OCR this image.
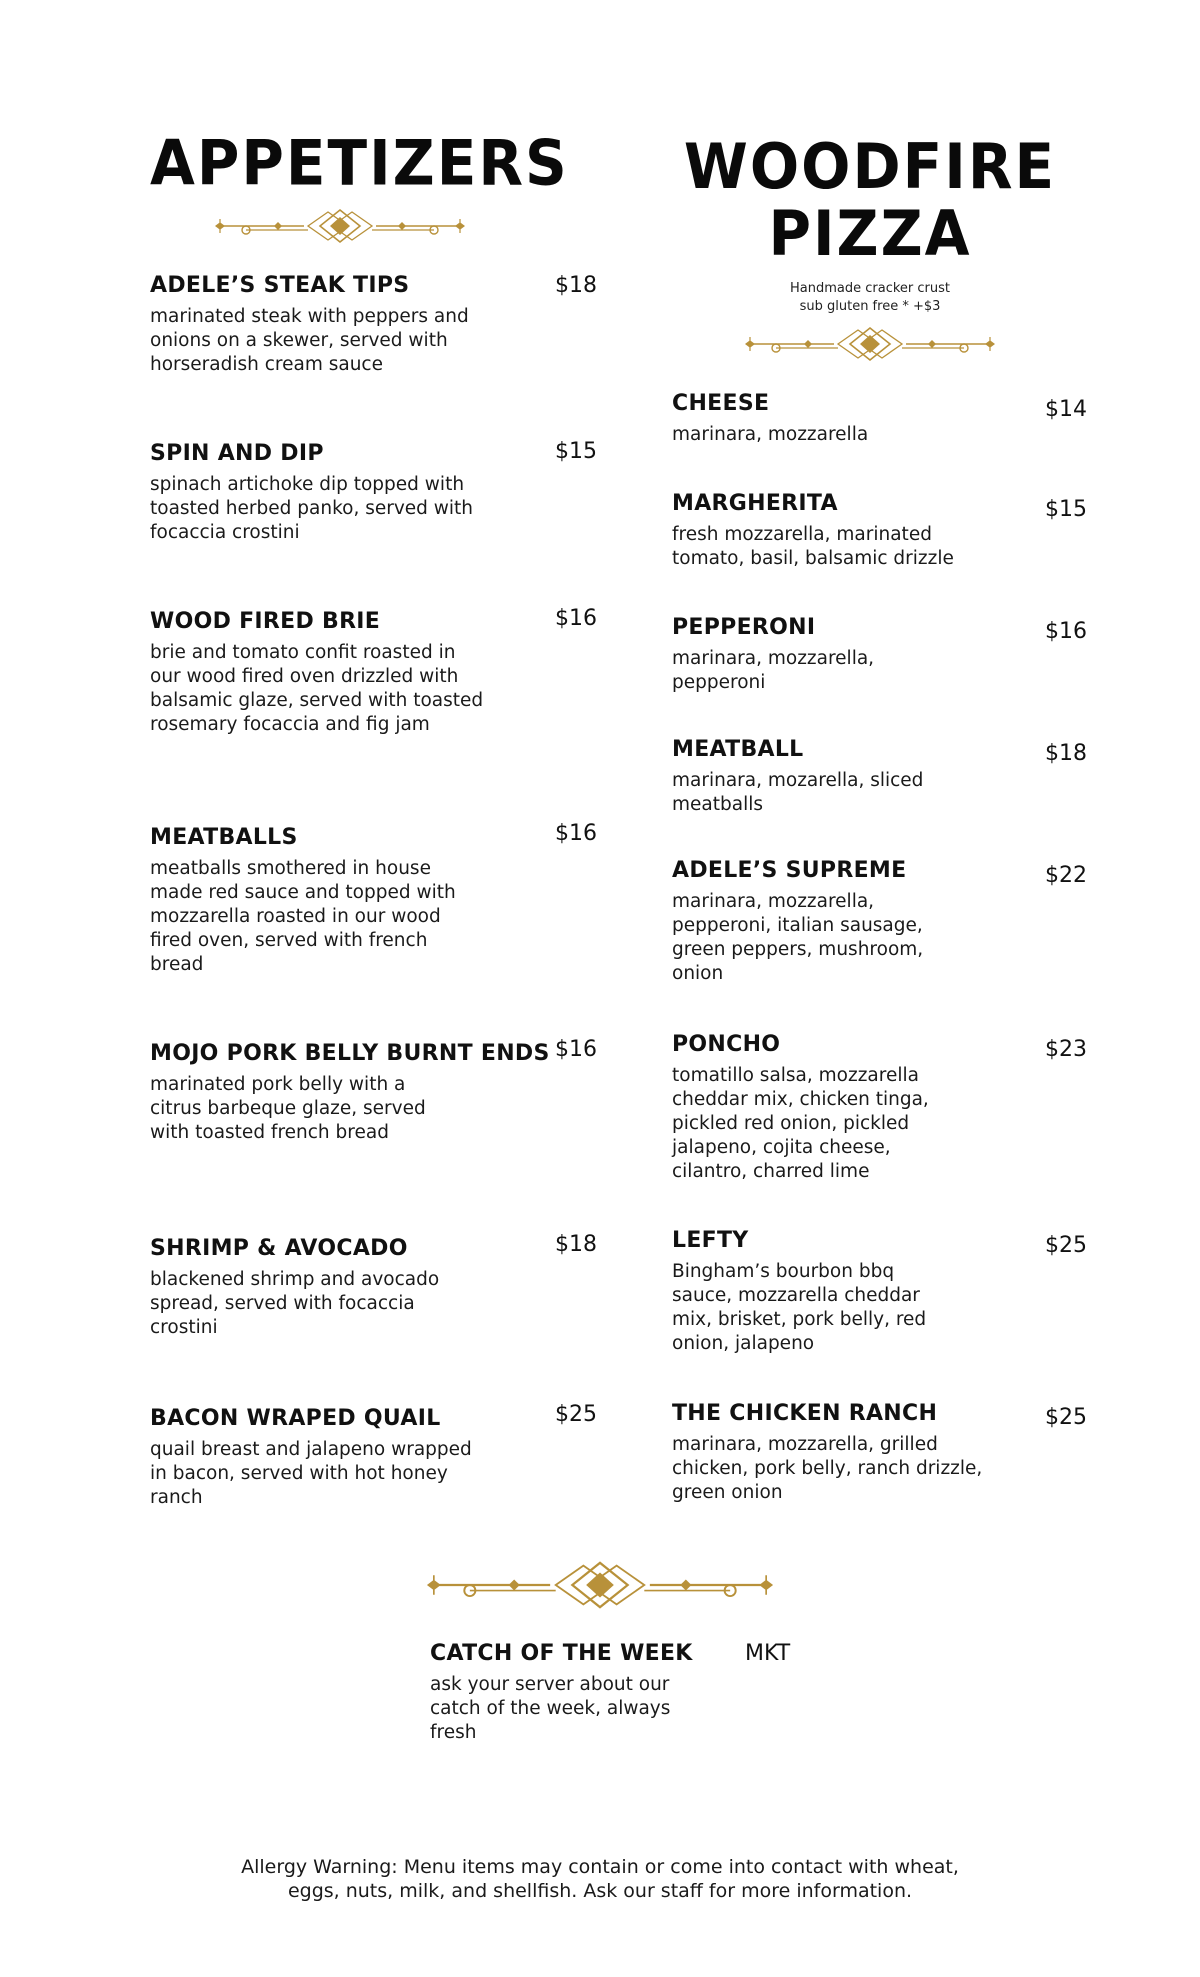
APPETIZERS WOODFIRE
PIZZA
Handmade cracker crust
sub gluten free * +$3
ADELE’S STEAK TIPS
marinated steak with peppers and onions on a skewer, served with horseradish cream sauce
$18
SPIN AND DIP
spinach artichoke dip topped with toasted herbed panko, served with focaccia crostini
$15
WOOD FIRED BRIE
brie and tomato confit roasted in our wood fired oven drizzled with balsamic glaze, served with toasted rosemary focaccia and fig jam
$16
MEATBALLS
meatballs smothered in house made red sauce and topped with mozzarella roasted in our wood fired oven, served with french bread
$16
MOJO PORK BELLY BURNT ENDS
marinated pork belly with a citrus barbeque glaze, served with toasted french bread
$16
SHRIMP & AVOCADO
blackened shrimp and avocado spread, served with focaccia crostini
$18
BACON WRAPED QUAIL
quail breast and jalapeno wrapped in bacon, served with hot honey ranch
$25
CHEESE
marinara, mozzarella
$14
MARGHERITA
fresh mozzarella, marinated tomato, basil, balsamic drizzle
$15
PEPPERONI
marinara, mozzarella, pepperoni
$16
MEATBALL
marinara, mozarella, sliced meatballs
$18
ADELE’S SUPREME
marinara, mozzarella, pepperoni, italian sausage, green peppers, mushroom, onion
$22
PONCHO
tomatillo salsa, mozzarella cheddar mix, chicken tinga, pickled red onion, pickled jalapeno, cojita cheese, cilantro, charred lime
$23
LEFTY
Bingham’s bourbon bbq sauce, mozzarella cheddar mix, brisket, pork belly, red onion, jalapeno
$25
THE CHICKEN RANCH
marinara, mozzarella, grilled chicken, pork belly, ranch drizzle, green onion
$25
CATCH OF THE WEEK
ask your server about our catch of the week, always fresh
MKT
Allergy Warning: Menu items may contain or come into contact with wheat,
eggs, nuts, milk, and shellfish. Ask our staff for more information.
